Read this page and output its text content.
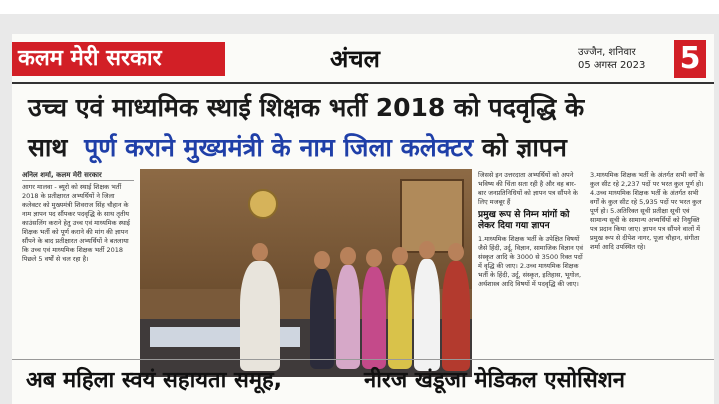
कलम मेरी सरकार	अंचल	उज्जैन, शनिवार
05 अगस्त 2023 5
उच्च एवं माध्यमिक स्थाई शिक्षक भर्ती 2018 को पदवृद्धि के
साथ पूर्ण कराने मुख्यमंत्री के नाम जिला कलेक्टर को ज्ञापन
अनिल शर्मा, कलम मेरी सरकार
आगर मालवा - ब्यूरो को स्थाई शिक्षक भर्ती 2018 के प्रतीक्षारत अभ्यर्थियों ने जिला कलेक्टर को मुख्यमंत्री शिवराज सिंह चौहान के नाम ज्ञापन पद सौंपकर पदवृद्धि के साथ तृतीय काउंसलिंग कराने हेतु उच्च एवं माध्यमिक स्थाई शिक्षक भर्ती को पूर्ण कराने की मांग की ज्ञापन सौंपने के बाद प्रतीक्षारत अभ्यर्थियों ने बतलाया कि उच्च एवं माध्यमिक शिक्षक भर्ती 2018 पिछले 5 वर्षों से चल रहा है।
जिससे इन उत्तरदाता अभ्यर्थियों को अपने भविष्य की चिंता सता रही है और वह बार-बार जनप्रतिनिधियों को ज्ञापन पत्र सौंपने के लिए मजबूर हैं
प्रमुख रूप से निम्न मांगों को लेकर दिया गया ज्ञापन
1.माध्यमिक शिक्षक भर्ती के उपेक्षित विषयों जैसे हिंदी, उर्दू, विज्ञान, सामाजिक विज्ञान एवं संस्कृत आदि के 3000 से 3500 रिक्त पदों में वृद्धि की जाए। 2.उच्च माध्यमिक शिक्षक भर्ती के हिंदी, उर्दू, संस्कृत, इतिहास, भूगोल, अर्थशास्त्र आदि विषयों में पदवृद्धि की जाए।
3.माध्यमिक शिक्षक भर्ती के अंतर्गत सभी वर्गों के कुल सीट रहे 2,237 पदों पर भरत कुल पूर्ण हो। 4.उच्च माध्यमिक शिक्षक भर्ती के अंतर्गत सभी वर्गों के कुल सीट रहे 5,935 पदों पर भरत कुल पूर्ण हो। 5.अतिरिक्त सूची प्रतीक्षा सूची एवं सामान्य सूची के सामान्य अभ्यर्थियों को नियुक्ति पत्र प्रदान किया जाए। ज्ञापन पत्र सौंपने वालों में प्रमुख रूप से दीपेश नागर, पूजा चौहान, संगीता शर्मा आदि उपस्थित रहे।
अब महिला स्वयं सहायता समूह,	नीरज खंडूजा मेडिकल एसोसिशन
